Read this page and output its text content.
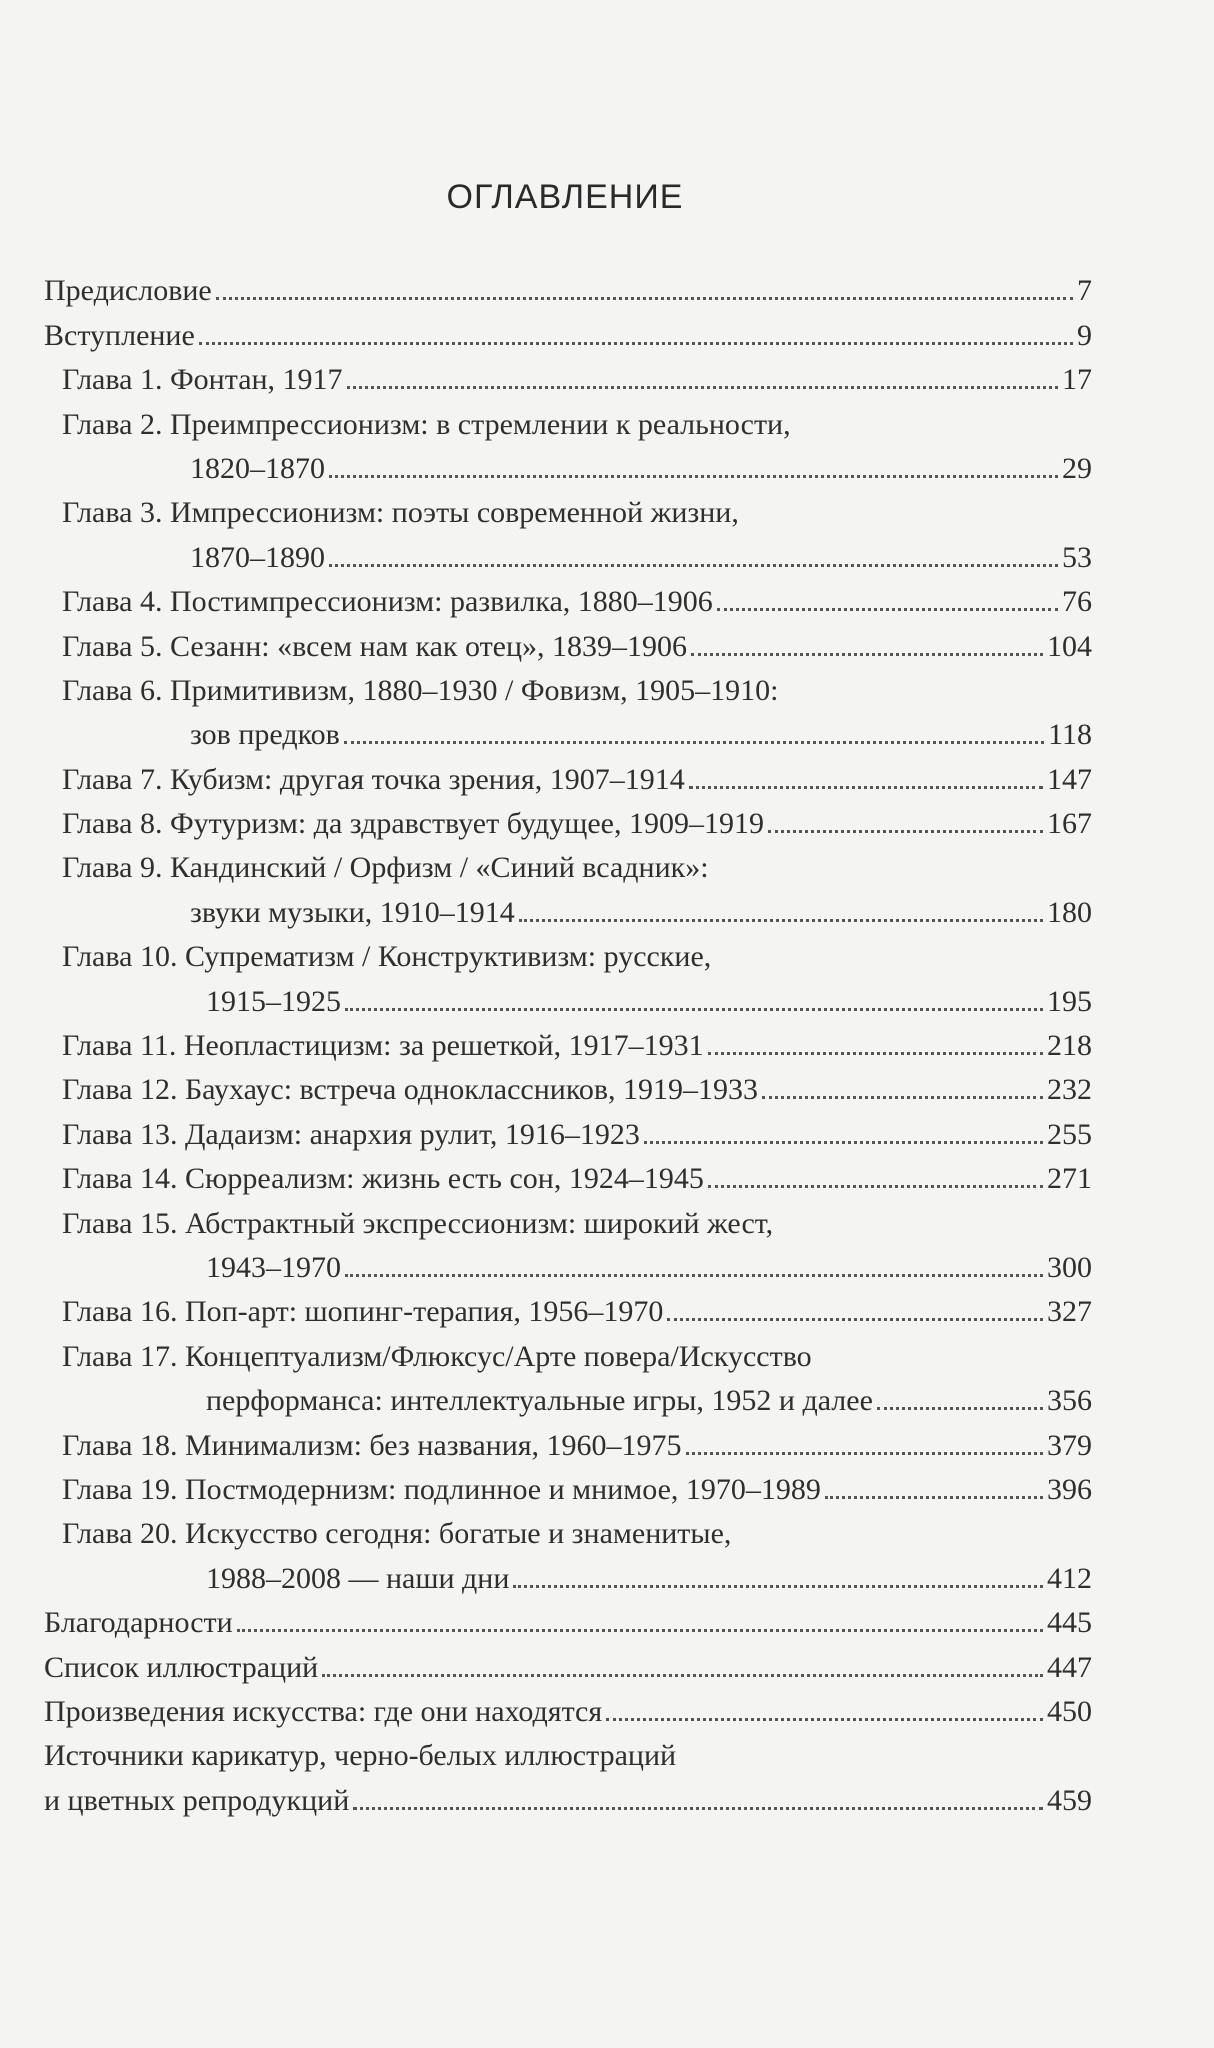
ОГЛАВЛЕНИЕ
Предисловие	7
Вступление	9
Глава 1. Фонтан, 1917	17
Глава 2. Преимпрессионизм: в стремлении к реальности,
1820–1870	29
Глава 3. Импрессионизм: поэты современной жизни,
1870–1890	53
Глава 4. Постимпрессионизм: развилка, 1880–1906	76
Глава 5. Сезанн: «всем нам как отец», 1839–1906	104
Глава 6. Примитивизм, 1880–1930 / Фовизм, 1905–1910:
зов предков	118
Глава 7. Кубизм: другая точка зрения, 1907–1914	147
Глава 8. Футуризм: да здравствует будущее, 1909–1919	167
Глава 9. Кандинский / Орфизм / «Синий всадник»:
звуки музыки, 1910–1914	180
Глава 10. Супрематизм / Конструктивизм: русские,
1915–1925	195
Глава 11. Неопластицизм: за решеткой, 1917–1931	218
Глава 12. Баухаус: встреча одноклассников, 1919–1933	232
Глава 13. Дадаизм: анархия рулит, 1916–1923	255
Глава 14. Сюрреализм: жизнь есть сон, 1924–1945	271
Глава 15. Абстрактный экспрессионизм: широкий жест,
1943–1970	300
Глава 16. Поп-арт: шопинг-терапия, 1956–1970	327
Глава 17. Концептуализм/Флюксус/Арте повера/Искусство
перформанса: интеллектуальные игры, 1952 и далее	356
Глава 18. Минимализм: без названия, 1960–1975	379
Глава 19. Постмодернизм: подлинное и мнимое, 1970–1989	396
Глава 20. Искусство сегодня: богатые и знаменитые,
1988–2008 — наши дни	412
Благодарности	445
Список иллюстраций	447
Произведения искусства: где они находятся	450
Источники карикатур, черно-белых иллюстраций
и цветных репродукций	459
